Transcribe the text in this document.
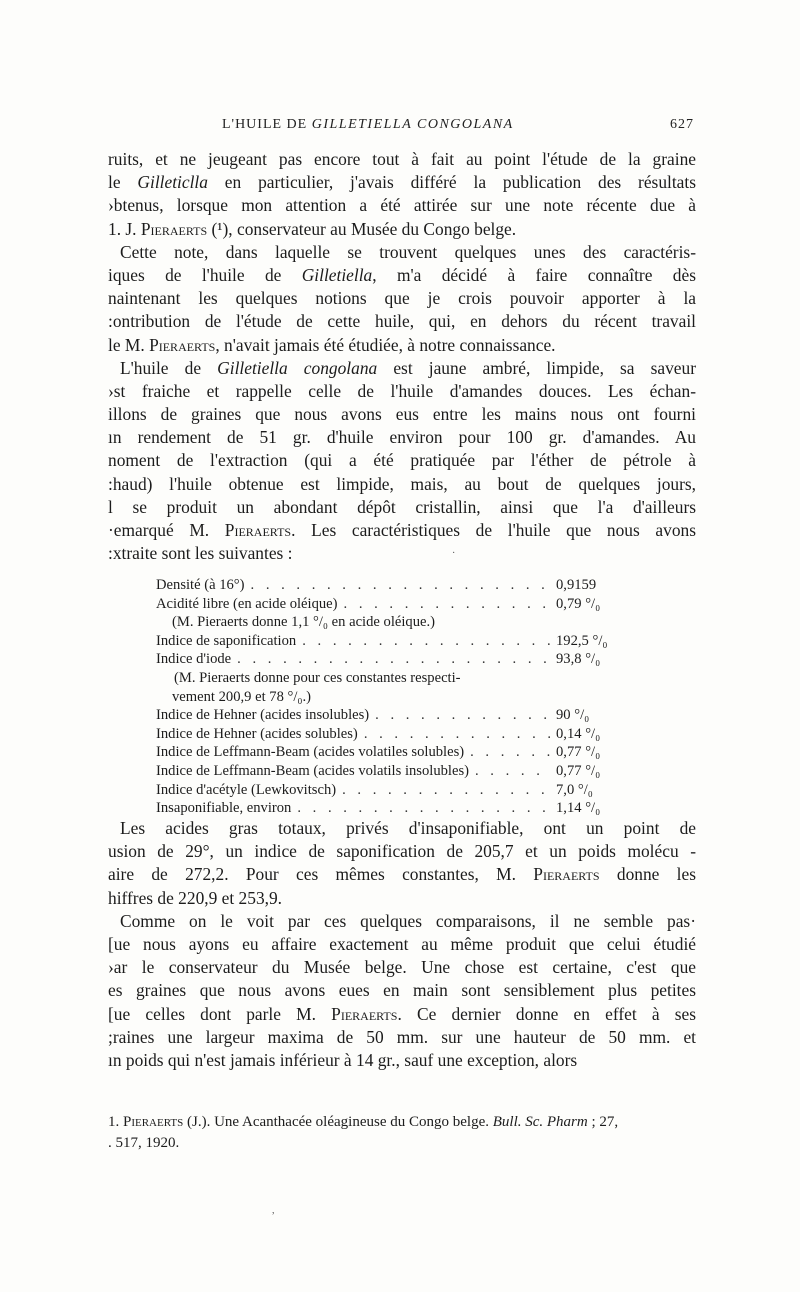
L'HUILE DE GILLETIELLA CONGOLANA	627
ruits, et ne jeugeant pas encore tout à fait au point l'étude de la graine
le Gilleticlla en particulier, j'avais différé la publication des résultats
›btenus, lorsque mon attention a été attirée sur une note récente due à
1. J. Pieraerts (¹), conservateur au Musée du Congo belge.
Cette note, dans laquelle se trouvent quelques unes des caractéris-
iques de l'huile de Gilletiella, m'a décidé à faire connaître dès
naintenant les quelques notions que je crois pouvoir apporter à la
:ontribution de l'étude de cette huile, qui, en dehors du récent travail
le M. Pieraerts, n'avait jamais été étudiée, à notre connaissance.
L'huile de Gilletiella congolana est jaune ambré, limpide, sa saveur
›st fraiche et rappelle celle de l'huile d'amandes douces. Les échan-
illons de graines que nous avons eus entre les mains nous ont fourni
ın rendement de 51 gr. d'huile environ pour 100 gr. d'amandes. Au
noment de l'extraction (qui a été pratiquée par l'éther de pétrole à
:haud) l'huile obtenue est limpide, mais, au bout de quelques jours,
l se produit un abondant dépôt cristallin, ainsi que l'a d'ailleurs
·emarqué M. Pieraerts. Les caractéristiques de l'huile que nous avons
:xtraite sont les suivantes :
Densité (à 16°) . . .	0,9159
Acidité libre (en acide oléique) . . .	0,79 °/₀
(M. Pieraerts donne 1,1 °/₀ en acide oléique.)
Indice de saponification . . .	192,5 °/₀
Indice d'iode . . .	93,8 °/₀
(M. Pieraerts donne pour ces constantes respecti-
vement 200,9 et 78 °/₀.)
Indice de Hehner (acides insolubles) . . .	90 °/₀
Indice de Hehner (acides solubles) . . .	0,14 °/₀
Indice de Leffmann-Beam (acides volatiles solubles) . . .	0,77 °/₀
Indice de Leffmann-Beam (acides volatils insolubles) . . .	0,77 °/₀
Indice d'acétyle (Lewkovitsch) . . .	7,0 °/₀
Insaponifiable, environ . . .	1,14 °/₀
Les acides gras totaux, privés d'insaponifiable, ont un point de
usion de 29°, un indice de saponification de 205,7 et un poids molécu -
aire de 272,2. Pour ces mêmes constantes, M. Pieraerts donne les
hiffres de 220,9 et 253,9.
Comme on le voit par ces quelques comparaisons, il ne semble pas·
[ue nous ayons eu affaire exactement au même produit que celui étudié
›ar le conservateur du Musée belge. Une chose est certaine, c'est que
es graines que nous avons eues en main sont sensiblement plus petites
[ue celles dont parle M. Pieraerts. Ce dernier donne en effet à ses
;raines une largeur maxima de 50 mm. sur une hauteur de 50 mm. et
ın poids qui n'est jamais inférieur à 14 gr., sauf une exception, alors
1. Pieraerts (J.). Une Acanthacée oléagineuse du Congo belge. Bull. Sc. Pharm ; 27,
. 517, 1920.
·
,
